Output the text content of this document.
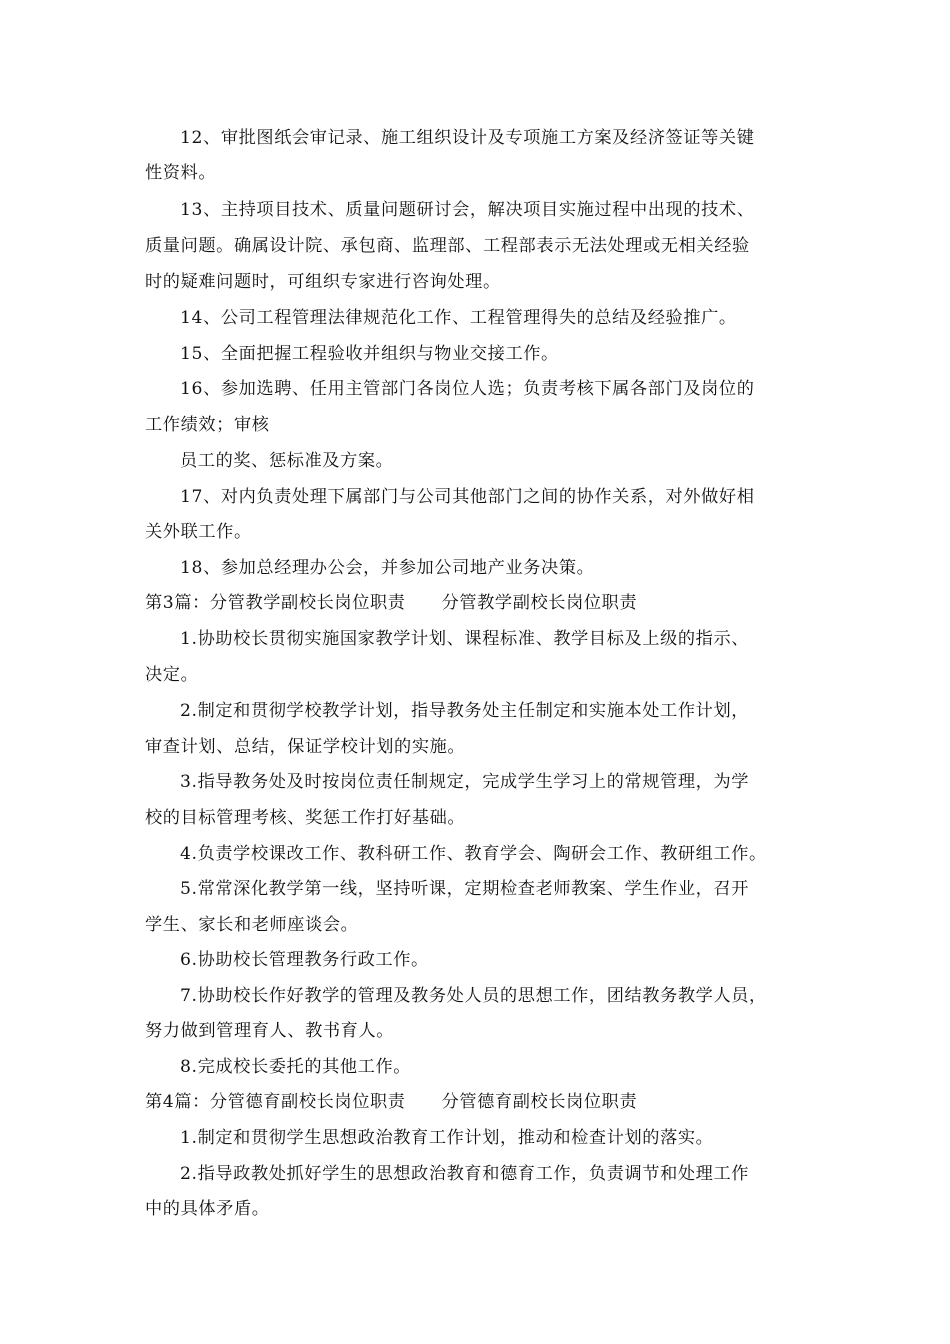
12、审批图纸会审记录、施工组织设计及专项施工方案及经济签证等关键
性资料。
13、主持项目技术、质量问题研讨会，解决项目实施过程中出现的技术、
质量问题。确属设计院、承包商、监理部、工程部表示无法处理或无相关经验
时的疑难问题时，可组织专家进行咨询处理。
14、公司工程管理法律规范化工作、工程管理得失的总结及经验推广。
15、全面把握工程验收并组织与物业交接工作。
16、参加选聘、任用主管部门各岗位人选；负责考核下属各部门及岗位的
工作绩效；审核
员工的奖、惩标准及方案。
17、对内负责处理下属部门与公司其他部门之间的协作关系，对外做好相
关外联工作。
18、参加总经理办公会，并参加公司地产业务决策。
第3篇：分管教学副校长岗位职责 分管教学副校长岗位职责
1.协助校长贯彻实施国家教学计划、课程标准、教学目标及上级的指示、
决定。
2.制定和贯彻学校教学计划，指导教务处主任制定和实施本处工作计划，
审查计划、总结，保证学校计划的实施。
3.指导教务处及时按岗位责任制规定，完成学生学习上的常规管理，为学
校的目标管理考核、奖惩工作打好基础。
4.负责学校课改工作、教科研工作、教育学会、陶研会工作、教研组工作。
5.常常深化教学第一线，坚持听课，定期检查老师教案、学生作业，召开
学生、家长和老师座谈会。
6.协助校长管理教务行政工作。
7.协助校长作好教学的管理及教务处人员的思想工作，团结教务教学人员，
努力做到管理育人、教书育人。
8.完成校长委托的其他工作。
第4篇：分管德育副校长岗位职责 分管德育副校长岗位职责
1.制定和贯彻学生思想政治教育工作计划，推动和检查计划的落实。
2.指导政教处抓好学生的思想政治教育和德育工作，负责调节和处理工作
中的具体矛盾。
